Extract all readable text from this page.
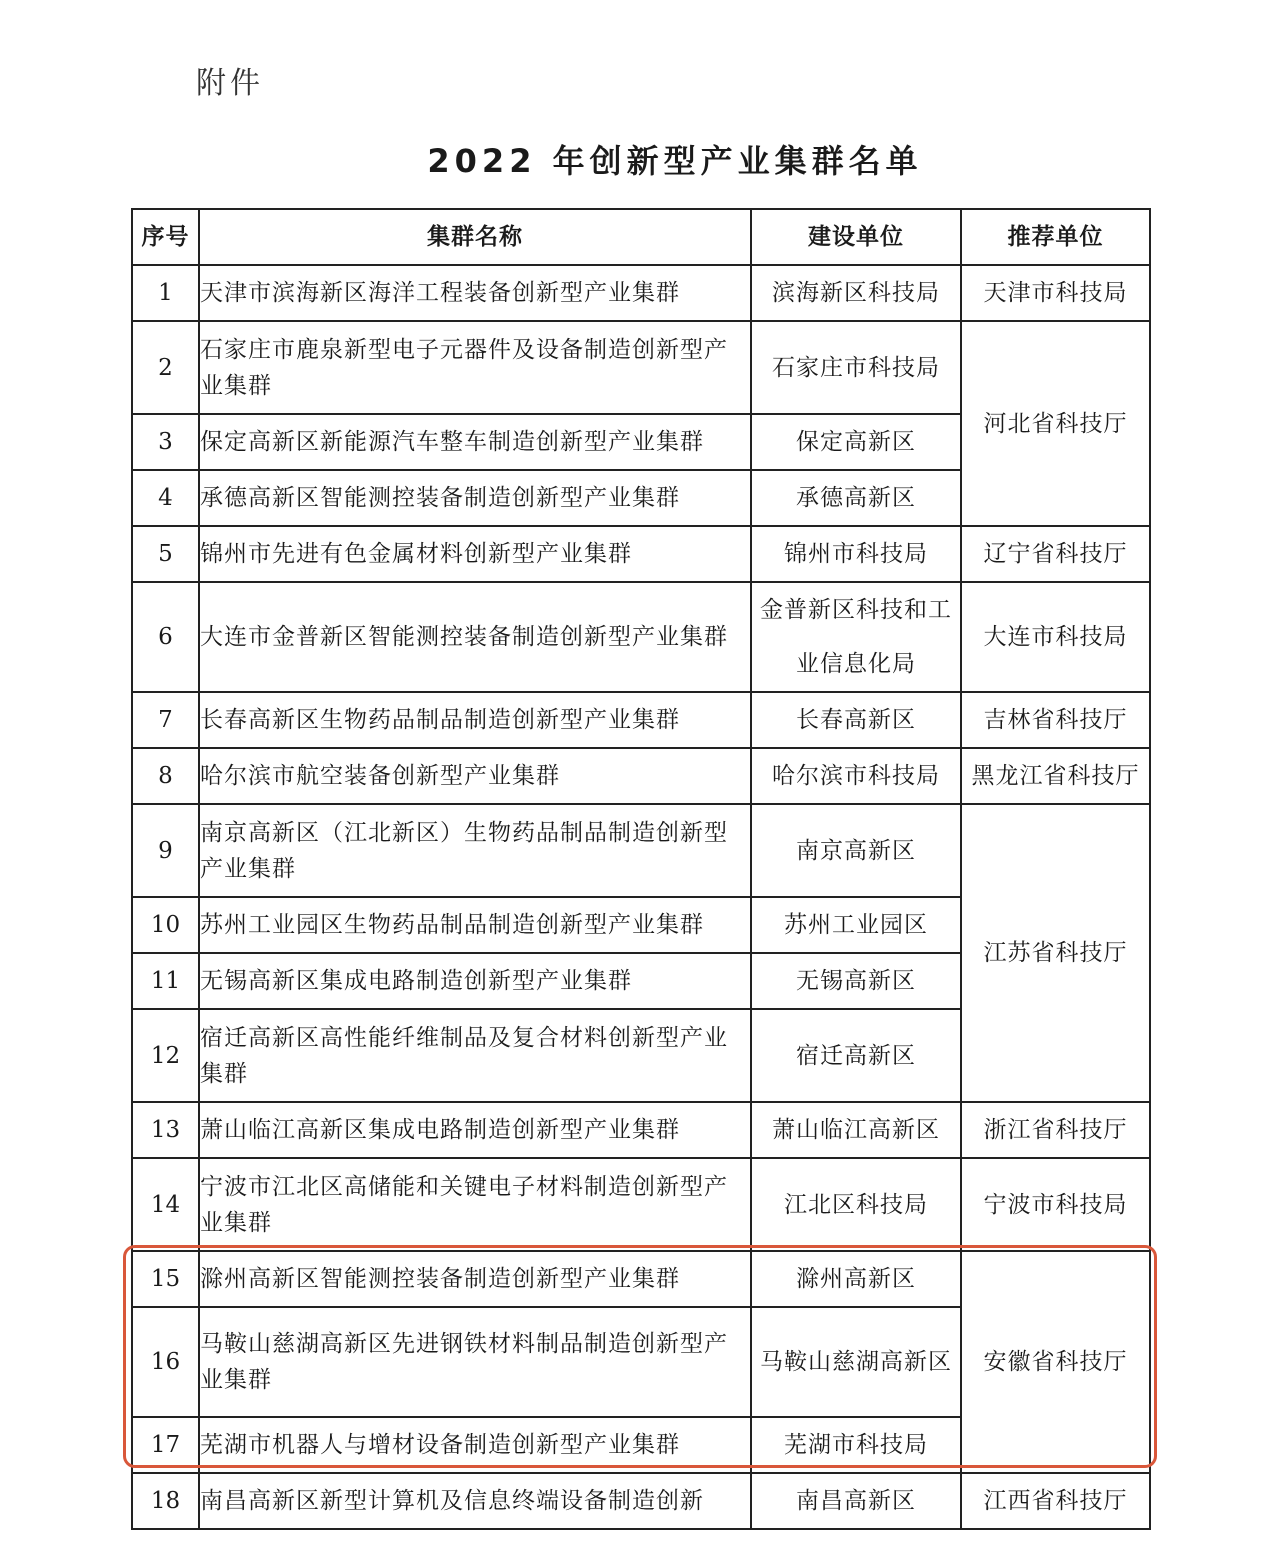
附件
2022 年创新型产业集群名单
序号	集群名称	建设单位	推荐单位
1	天津市滨海新区海洋工程装备创新型产业集群	滨海新区科技局	天津市科技局
2	石家庄市鹿泉新型电子元器件及设备制造创新型产业集群	石家庄市科技局	河北省科技厅
3	保定高新区新能源汽车整车制造创新型产业集群	保定高新区	
4	承德高新区智能测控装备制造创新型产业集群	承德高新区	
5	锦州市先进有色金属材料创新型产业集群	锦州市科技局	辽宁省科技厅
6	大连市金普新区智能测控装备制造创新型产业集群	金普新区科技和工业信息化局	大连市科技局
7	长春高新区生物药品制品制造创新型产业集群	长春高新区	吉林省科技厅
8	哈尔滨市航空装备创新型产业集群	哈尔滨市科技局	黑龙江省科技厅
9	南京高新区（江北新区）生物药品制品制造创新型产业集群	南京高新区	江苏省科技厅
10	苏州工业园区生物药品制品制造创新型产业集群	苏州工业园区	
11	无锡高新区集成电路制造创新型产业集群	无锡高新区	
12	宿迁高新区高性能纤维制品及复合材料创新型产业集群	宿迁高新区	
13	萧山临江高新区集成电路制造创新型产业集群	萧山临江高新区	浙江省科技厅
14	宁波市江北区高储能和关键电子材料制造创新型产业集群	江北区科技局	宁波市科技局
15	滁州高新区智能测控装备制造创新型产业集群	滁州高新区	安徽省科技厅
16	马鞍山慈湖高新区先进钢铁材料制品制造创新型产业集群	马鞍山慈湖高新区	
17	芜湖市机器人与增材设备制造创新型产业集群	芜湖市科技局	
18	南昌高新区新型计算机及信息终端设备制造创新	南昌高新区	江西省科技厅
